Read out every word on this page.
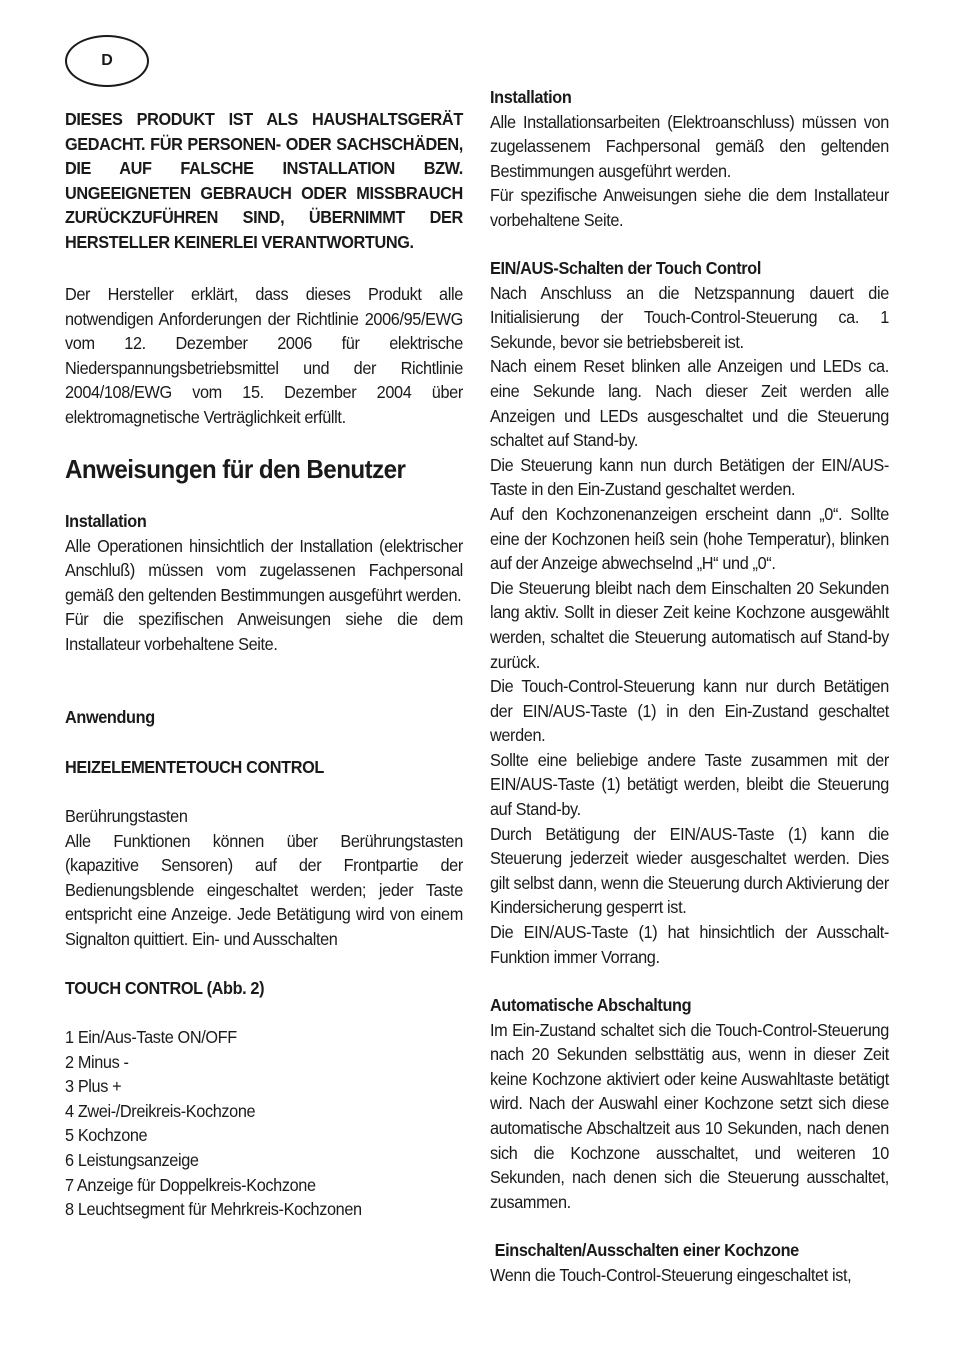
D

DIESES PRODUKT IST ALS HAUSHALTSGERÄT GEDACHT. FÜR PERSONEN- ODER SACHSCHÄDEN, DIE AUF FALSCHE INSTALLATION BZW. UNGEEIGNETEN GEBRAUCH ODER MISSBRAUCH ZURÜCKZUFÜHREN SIND, ÜBERNIMMT DER HERSTELLER KEINERLEI VERANTWORTUNG.

Der Hersteller erklärt, dass dieses Produkt alle notwendigen Anforderungen der Richtlinie 2006/95/EWG vom 12. Dezember 2006 für elektrische Niederspannungsbetriebsmittel und der Richtlinie 2004/108/EWG vom 15. Dezember 2004 über elektromagnetische Verträglichkeit erfüllt.

Anweisungen für den Benutzer

Installation

Alle Operationen hinsichtlich der Installation (elektrischer Anschluß) müssen vom zugelassenen Fachpersonal gemäß den geltenden Bestimmungen ausgeführt werden.

Für die spezifischen Anweisungen siehe die dem Installateur vorbehaltene Seite.

Anwendung

HEIZELEMENTETOUCH CONTROL

Berührungstasten

Alle Funktionen können über Berührungstasten (kapazitive Sensoren) auf der Frontpartie der Bedienungsblende eingeschaltet werden; jeder Taste entspricht eine Anzeige. Jede Betätigung wird von einem Signalton quittiert. Ein- und Ausschalten

TOUCH CONTROL (Abb. 2)

1 Ein/Aus-Taste ON/OFF
2 Minus -
3 Plus +
4 Zwei-/Dreikreis-Kochzone
5 Kochzone
6 Leistungsanzeige
7 Anzeige für Doppelkreis-Kochzone
8 Leuchtsegment für Mehrkreis-Kochzonen

Installation

Alle Installationsarbeiten (Elektroanschluss) müssen von zugelassenem Fachpersonal gemäß den geltenden Bestimmungen ausgeführt werden.

Für spezifische Anweisungen siehe die dem Installateur vorbehaltene Seite.

EIN/AUS-Schalten der Touch Control

Nach Anschluss an die Netzspannung dauert die Initialisierung der Touch-Control-Steuerung ca. 1 Sekunde, bevor sie betriebsbereit ist.

Nach einem Reset blinken alle Anzeigen und LEDs ca. eine Sekunde lang. Nach dieser Zeit werden alle Anzeigen und LEDs ausgeschaltet und die Steuerung schaltet auf Stand-by.

Die Steuerung kann nun durch Betätigen der EIN/AUS-Taste in den Ein-Zustand geschaltet werden.

Auf den Kochzonenanzeigen erscheint dann „0“. Sollte eine der Kochzonen heiß sein (hohe Temperatur), blinken auf der Anzeige abwechselnd „H“ und „0“.

Die Steuerung bleibt nach dem Einschalten 20 Sekunden lang aktiv. Sollt in dieser Zeit keine Kochzone ausgewählt werden, schaltet die Steuerung automatisch auf Stand-by zurück.

Die Touch-Control-Steuerung kann nur durch Betätigen der EIN/AUS-Taste (1) in den Ein-Zustand geschaltet werden.

Sollte eine beliebige andere Taste zusammen mit der EIN/AUS-Taste (1) betätigt werden, bleibt die Steuerung auf Stand-by.

Durch Betätigung der EIN/AUS-Taste (1) kann die Steuerung jederzeit wieder ausgeschaltet werden. Dies gilt selbst dann, wenn die Steuerung durch Aktivierung der Kindersicherung gesperrt ist.

Die EIN/AUS-Taste (1) hat hinsichtlich der Ausschalt-Funktion immer Vorrang.

Automatische Abschaltung

Im Ein-Zustand schaltet sich die Touch-Control-Steuerung nach 20 Sekunden selbsttätig aus, wenn in dieser Zeit keine Kochzone aktiviert oder keine Auswahltaste betätigt wird. Nach der Auswahl einer Kochzone setzt sich diese automatische Abschaltzeit aus 10 Sekunden, nach denen sich die Kochzone ausschaltet, und weiteren 10 Sekunden, nach denen sich die Steuerung ausschaltet, zusammen.

Einschalten/Ausschalten einer Kochzone

Wenn die Touch-Control-Steuerung eingeschaltet ist,
